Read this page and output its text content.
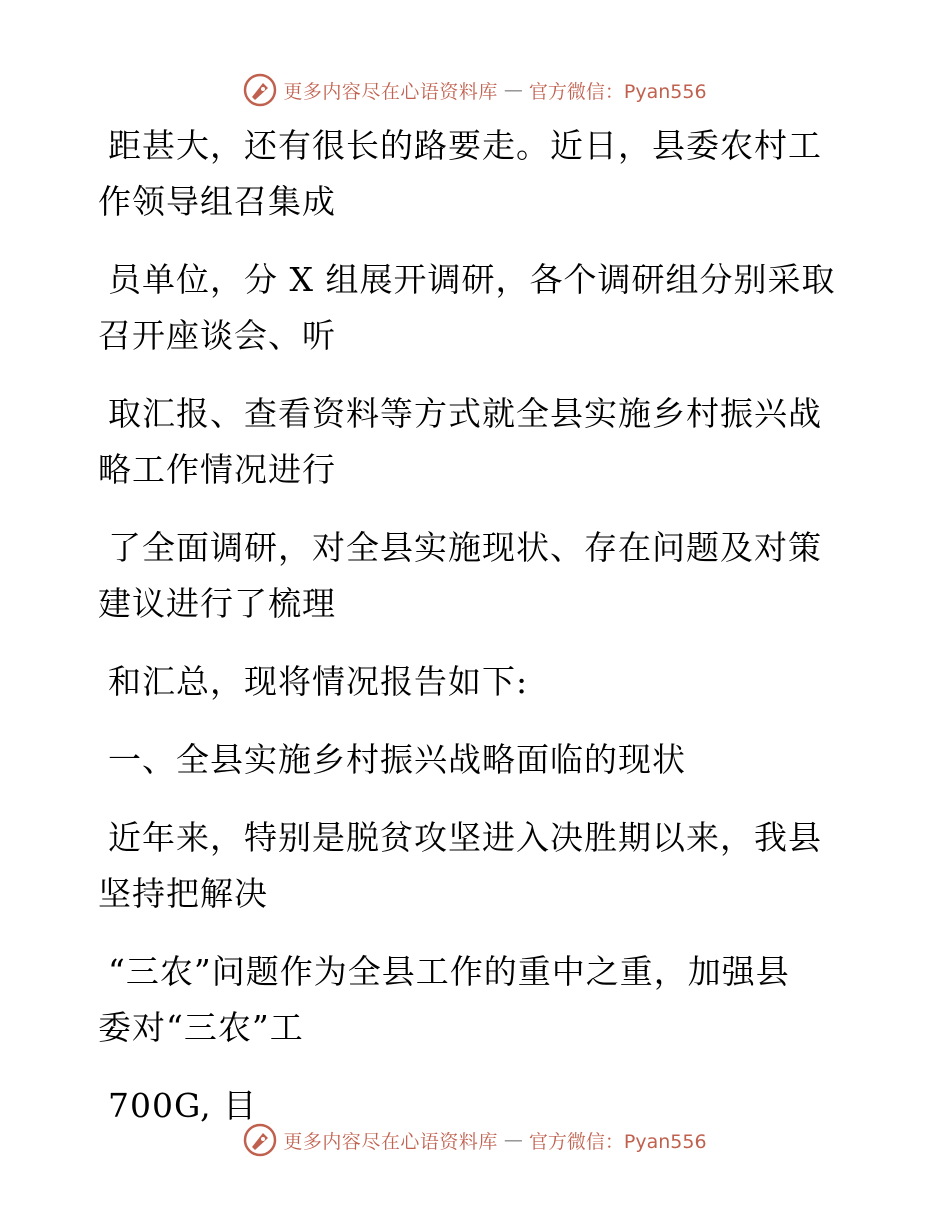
更多内容尽在心语资料库 — 官方微信：Pyan556

距甚大，还有很长的路要走。近日，县委农村工
作领导组召集成

员单位，分 X 组展开调研，各个调研组分别采取
召开座谈会、听

取汇报、查看资料等方式就全县实施乡村振兴战
略工作情况进行

了全面调研，对全县实施现状、存在问题及对策
建议进行了梳理

和汇总，现将情况报告如下:

一、全县实施乡村振兴战略面临的现状

近年来，特别是脱贫攻坚进入决胜期以来，我县
坚持把解决

“三农”问题作为全县工作的重中之重，加强县
委对“三农”工

700G, 目

更多内容尽在心语资料库 — 官方微信：Pyan556
